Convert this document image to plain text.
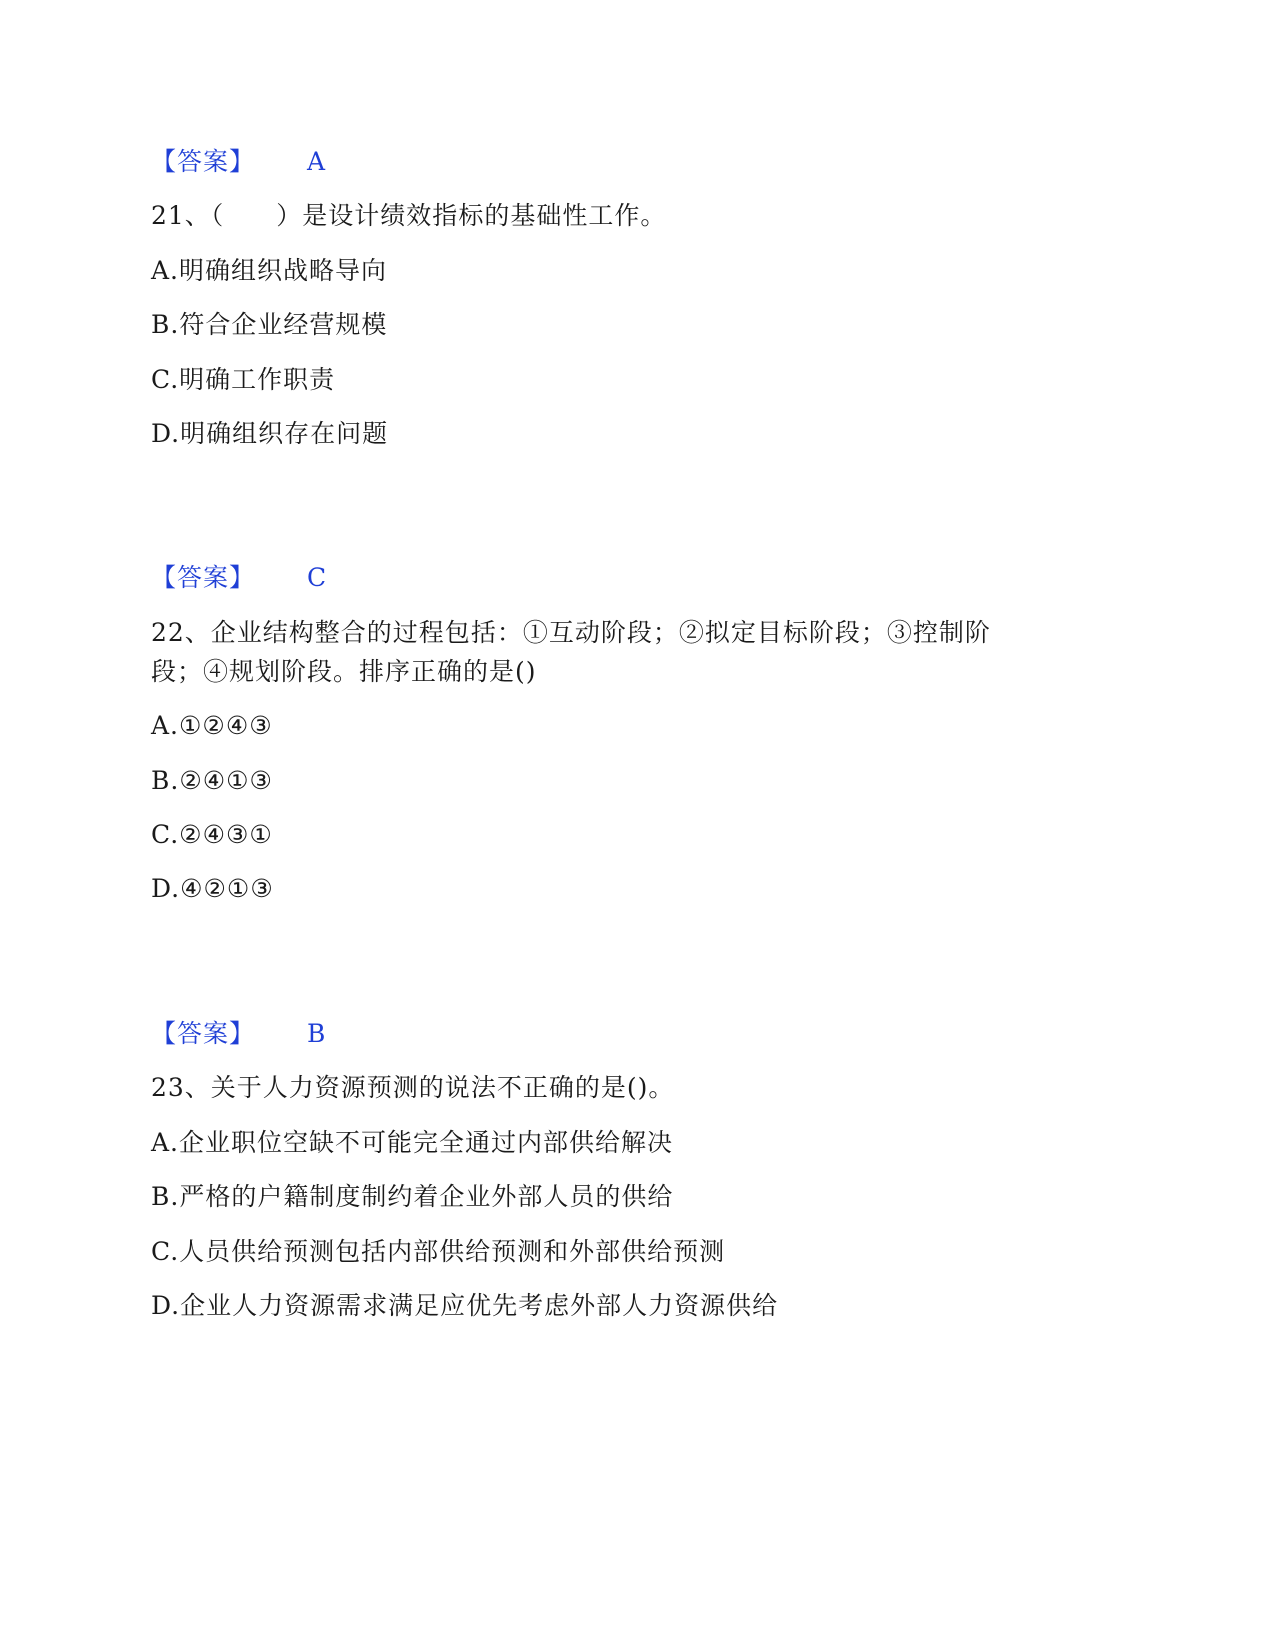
【答案】 A
21、（　　）是设计绩效指标的基础性工作。
A.明确组织战略导向
B.符合企业经营规模
C.明确工作职责
D.明确组织存在问题
【答案】 C
22、企业结构整合的过程包括：①互动阶段；②拟定目标阶段；③控制阶
段；④规划阶段。排序正确的是()
A.①②④③
B.②④①③
C.②④③①
D.④②①③
【答案】 B
23、关于人力资源预测的说法不正确的是()。
A.企业职位空缺不可能完全通过内部供给解决
B.严格的户籍制度制约着企业外部人员的供给
C.人员供给预测包括内部供给预测和外部供给预测
D.企业人力资源需求满足应优先考虑外部人力资源供给
